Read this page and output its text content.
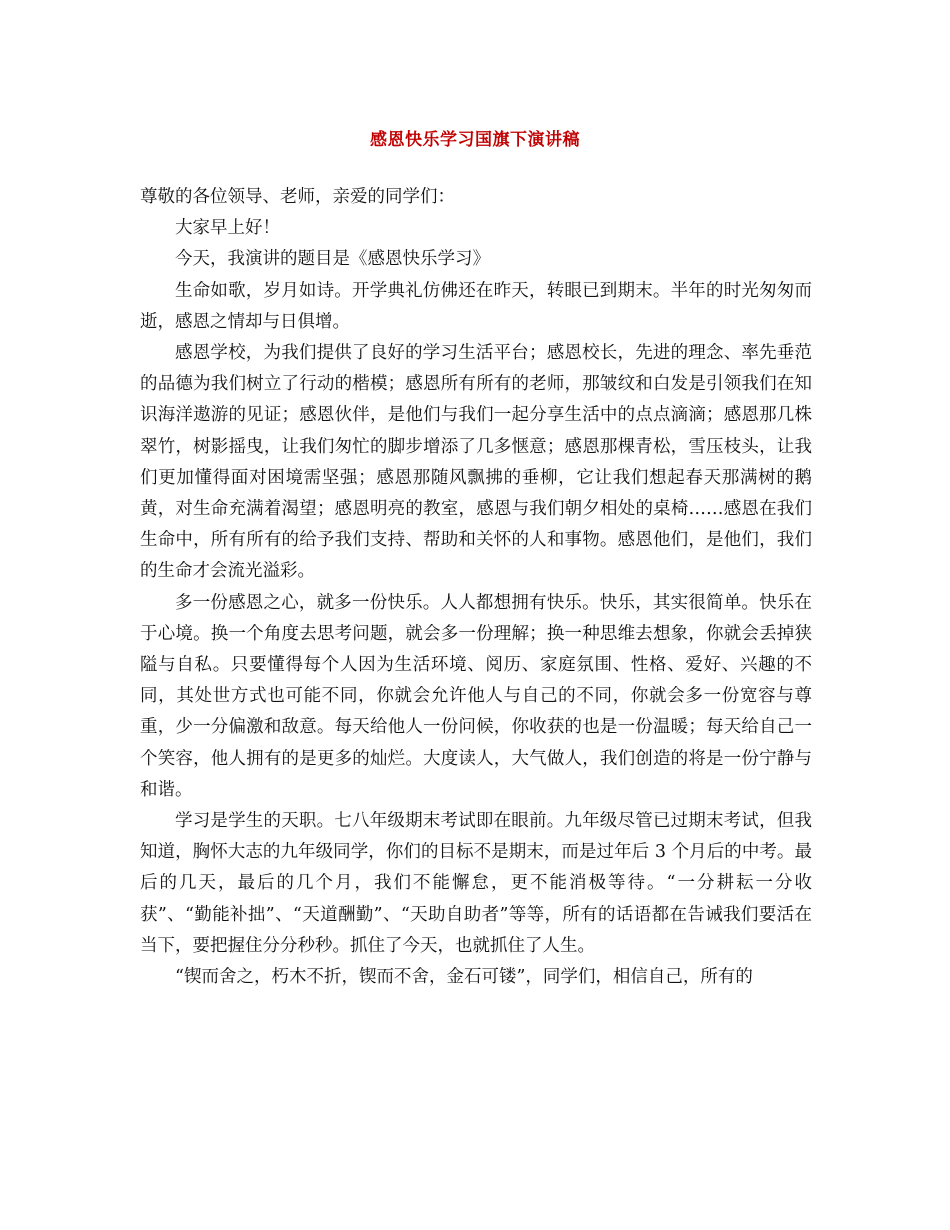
感恩快乐学习国旗下演讲稿

尊敬的各位领导、老师，亲爱的同学们：

大家早上好！

今天，我演讲的题目是《感恩快乐学习》

生命如歌，岁月如诗。开学典礼仿佛还在昨天，转眼已到期末。半年的时光匆匆而逝，感恩之情却与日俱增。

感恩学校，为我们提供了良好的学习生活平台；感恩校长，先进的理念、率先垂范的品德为我们树立了行动的楷模；感恩所有所有的老师，那皱纹和白发是引领我们在知识海洋遨游的见证；感恩伙伴，是他们与我们一起分享生活中的点点滴滴；感恩那几株翠竹，树影摇曳，让我们匆忙的脚步增添了几多惬意；感恩那棵青松，雪压枝头，让我们更加懂得面对困境需坚强；感恩那随风飘拂的垂柳，它让我们想起春天那满树的鹅黄，对生命充满着渴望；感恩明亮的教室，感恩与我们朝夕相处的桌椅……感恩在我们生命中，所有所有的给予我们支持、帮助和关怀的人和事物。感恩他们，是他们，我们的生命才会流光溢彩。

多一份感恩之心，就多一份快乐。人人都想拥有快乐。快乐，其实很简单。快乐在于心境。换一个角度去思考问题，就会多一份理解；换一种思维去想象，你就会丢掉狭隘与自私。只要懂得每个人因为生活环境、阅历、家庭氛围、性格、爱好、兴趣的不同，其处世方式也可能不同，你就会允许他人与自己的不同，你就会多一份宽容与尊重，少一分偏激和敌意。每天给他人一份问候，你收获的也是一份温暖；每天给自己一个笑容，他人拥有的是更多的灿烂。大度读人，大气做人，我们创造的将是一份宁静与和谐。

学习是学生的天职。七八年级期末考试即在眼前。九年级尽管已过期末考试，但我知道，胸怀大志的九年级同学，你们的目标不是期末，而是过年后 3 个月后的中考。最后的几天，最后的几个月，我们不能懈怠，更不能消极等待。“一分耕耘一分收获”、“勤能补拙”、“天道酬勤”、“天助自助者”等等，所有的话语都在告诫我们要活在当下，要把握住分分秒秒。抓住了今天，也就抓住了人生。

“锲而舍之，朽木不折，锲而不舍，金石可镂”，同学们，相信自己，所有的
